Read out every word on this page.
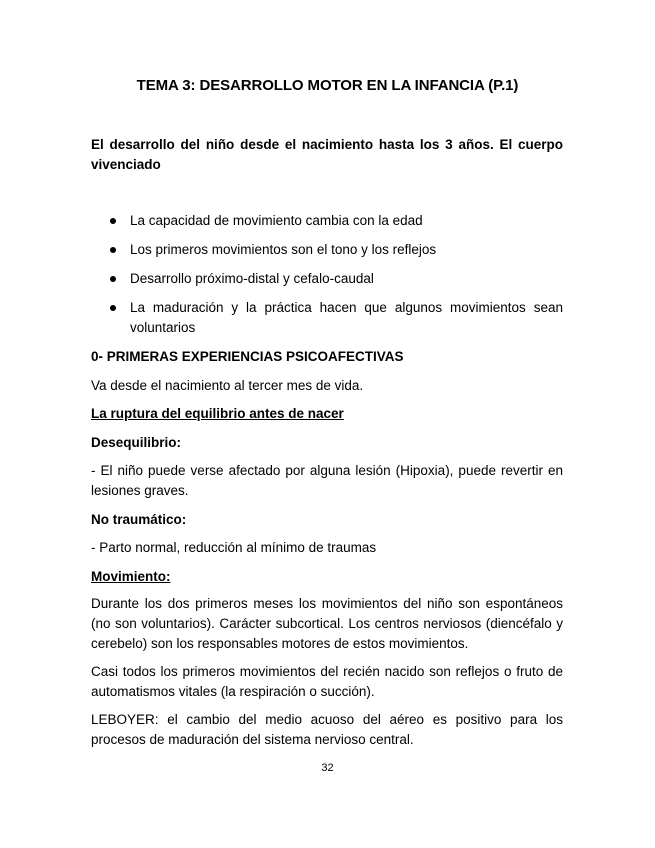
TEMA 3: DESARROLLO MOTOR EN LA INFANCIA (P.1)
El desarrollo del niño desde el nacimiento hasta los 3 años. El cuerpo vivenciado
La capacidad de movimiento cambia con la edad
Los primeros movimientos son el tono y los reflejos
Desarrollo próximo-distal y cefalo-caudal
La maduración y la práctica hacen que algunos movimientos sean voluntarios
0- PRIMERAS EXPERIENCIAS PSICOAFECTIVAS
Va desde el nacimiento al tercer mes de vida.
La ruptura del equilibrio antes de nacer
Desequilibrio:
- El niño puede verse afectado por alguna lesión (Hipoxia), puede revertir en lesiones graves.
No traumático:
- Parto normal, reducción al mínimo de traumas
Movimiento:
Durante los dos primeros meses los movimientos del niño son espontáneos (no son voluntarios). Carácter subcortical. Los centros nerviosos (diencéfalo y cerebelo) son los responsables motores de estos movimientos.
Casi todos los primeros movimientos del recién nacido son reflejos o fruto de automatismos vitales (la respiración o succión).
LEBOYER: el cambio del medio acuoso del aéreo es positivo para los procesos de maduración del sistema nervioso central.
32
